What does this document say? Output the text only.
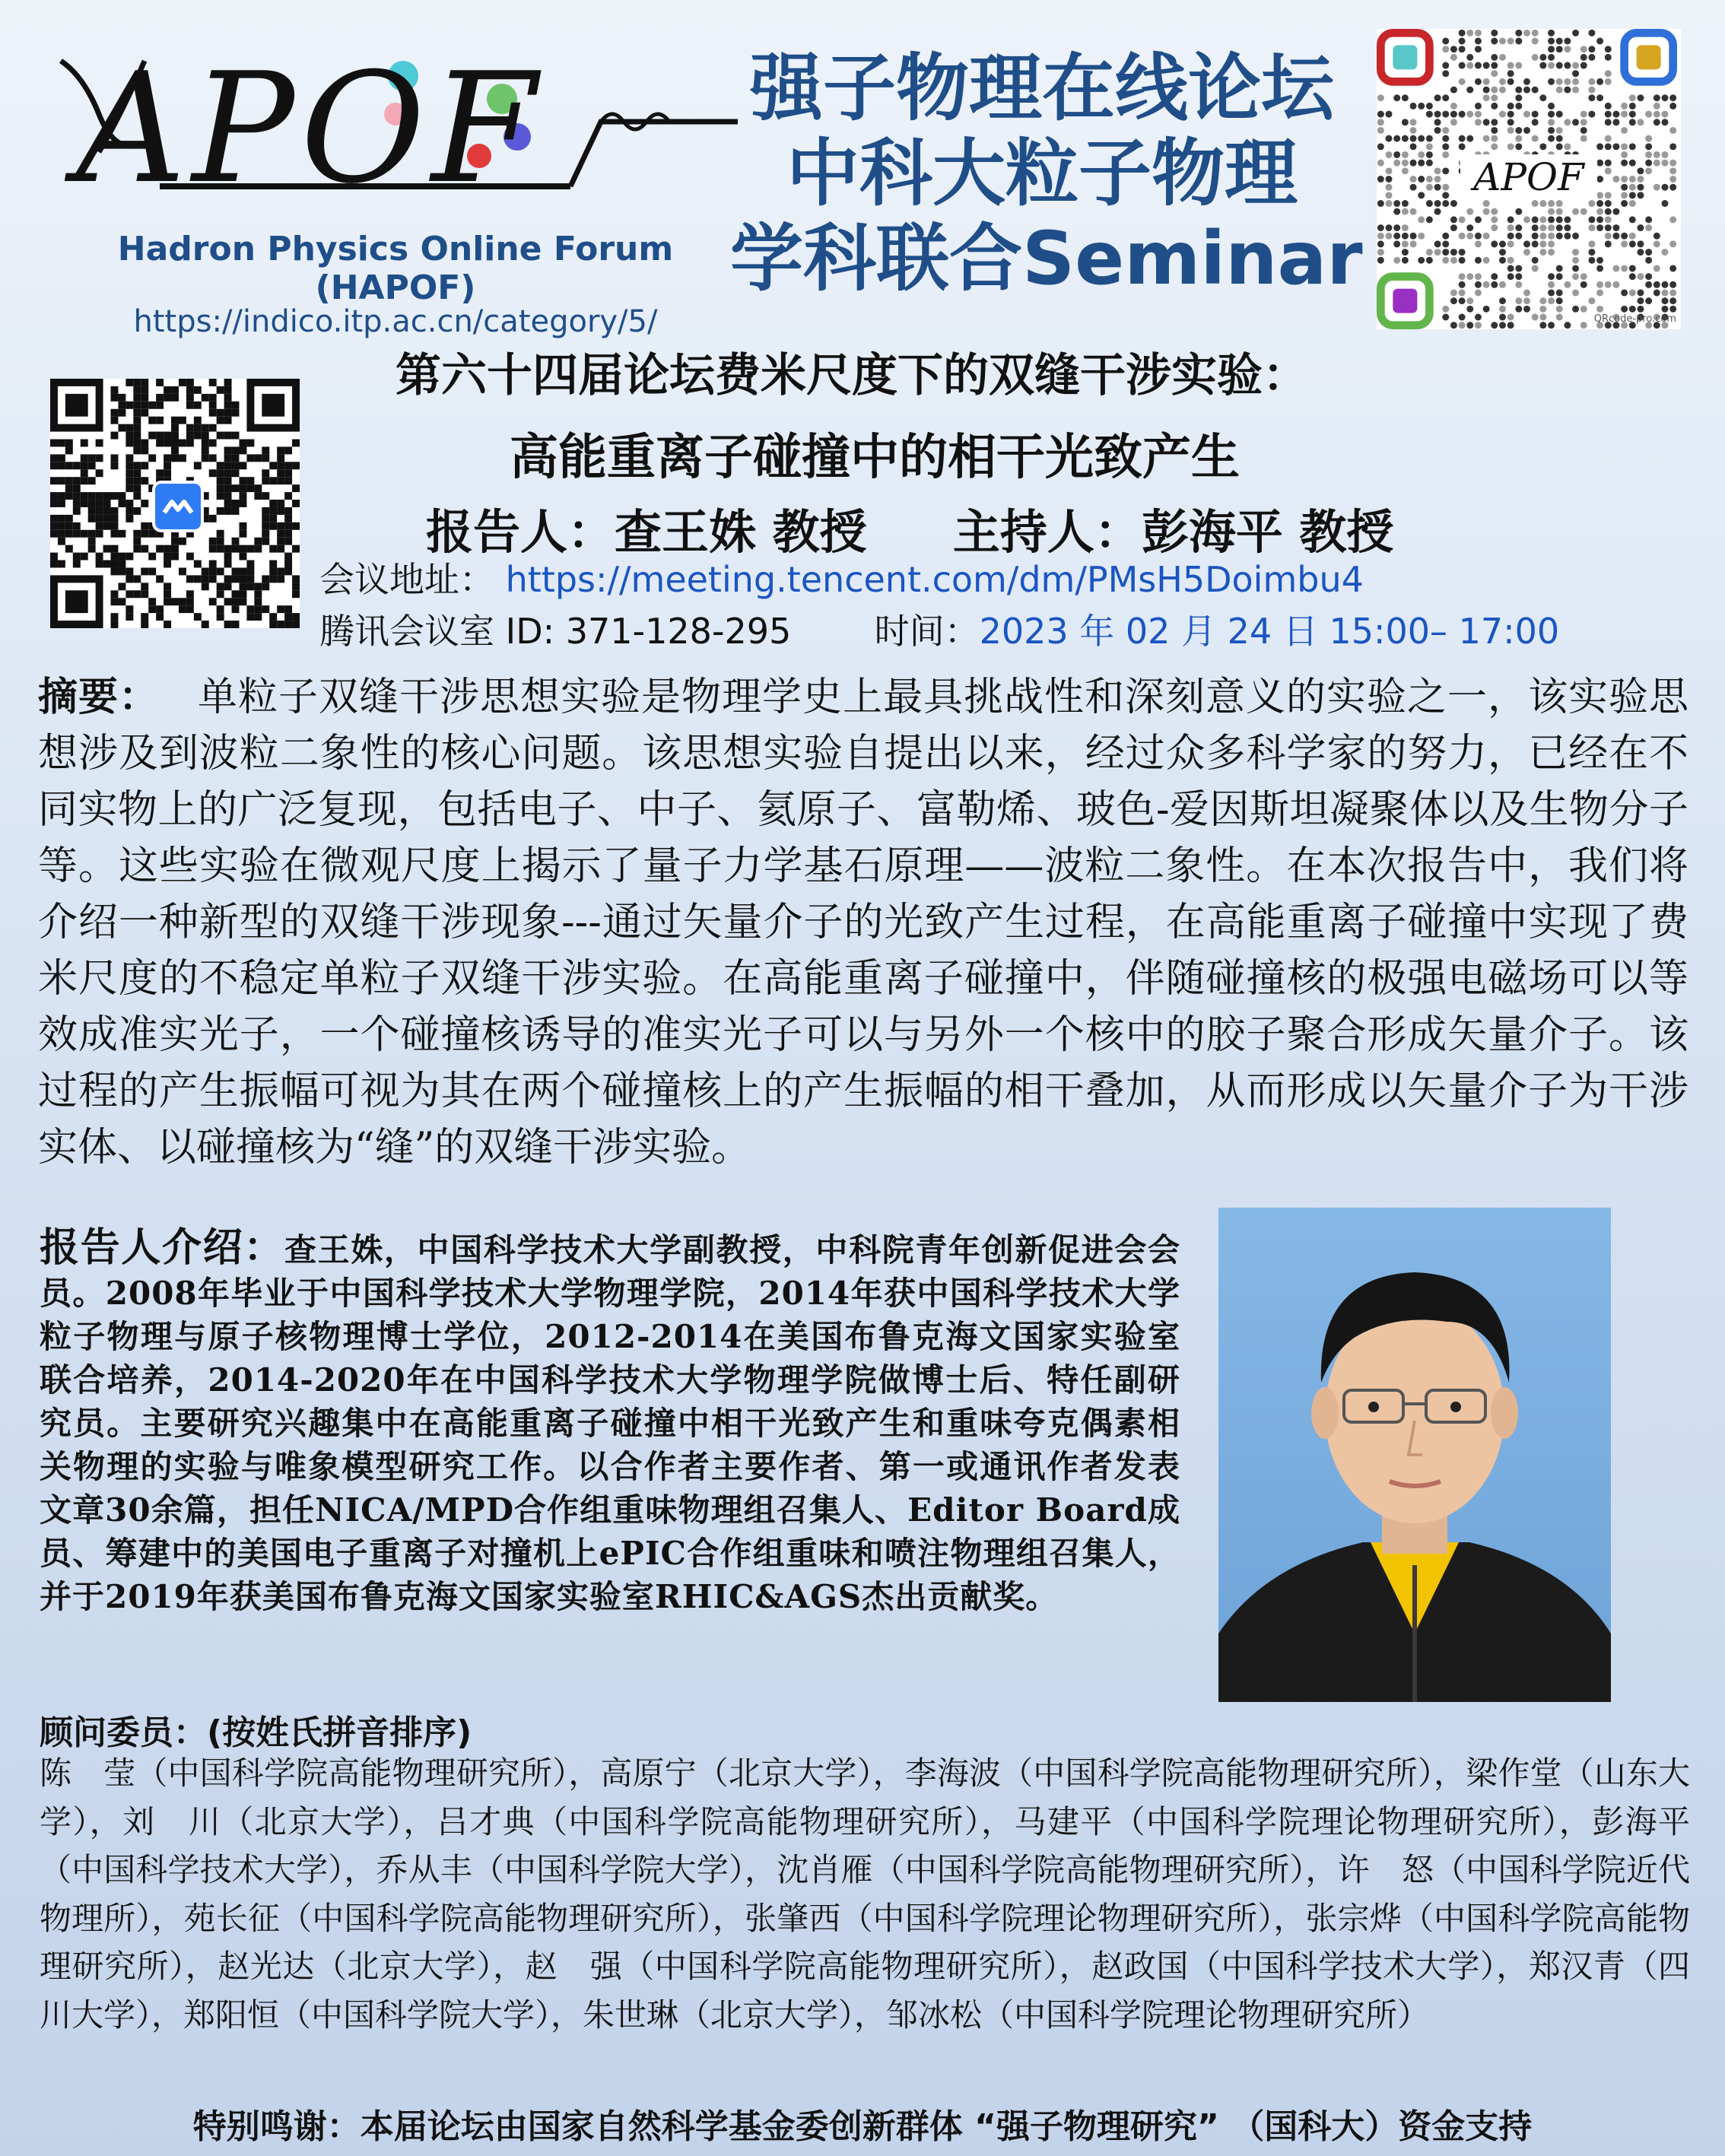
APOF
Hadron Physics Online Forum (HAPOF)
https://indico.itp.ac.cn/category/5/
强子物理在线论坛
中科大粒子物理
学科联合Seminar
APOF
QRcode-pro.com
第六十四届论坛费米尺度下的双缝干涉实验：
高能重离子碰撞中的相干光致产生
报告人：查王姝 教授 主持人：彭海平 教授
会议地址： https://meeting.tencent.com/dm/PMsH5Doimbu4
腾讯会议室 ID: 371-128-295 时间：2023 年 02 月 24 日 15:00– 17:00
摘要： 单粒子双缝干涉思想实验是物理学史上最具挑战性和深刻意义的实验之一，该实验思想涉及到波粒二象性的核心问题。该思想实验自提出以来，经过众多科学家的努力，已经在不同实物上的广泛复现，包括电子、中子、氦原子、富勒烯、玻色-爱因斯坦凝聚体以及生物分子等。这些实验在微观尺度上揭示了量子力学基石原理——波粒二象性。在本次报告中，我们将介绍一种新型的双缝干涉现象---通过矢量介子的光致产生过程，在高能重离子碰撞中实现了费米尺度的不稳定单粒子双缝干涉实验。在高能重离子碰撞中，伴随碰撞核的极强电磁场可以等效成准实光子，一个碰撞核诱导的准实光子可以与另外一个核中的胶子聚合形成矢量介子。该过程的产生振幅可视为其在两个碰撞核上的产生振幅的相干叠加，从而形成以矢量介子为干涉实体、以碰撞核为“缝”的双缝干涉实验。
报告人介绍：查王姝，中国科学技术大学副教授，中科院青年创新促进会会员。2008年毕业于中国科学技术大学物理学院，2014年获中国科学技术大学粒子物理与原子核物理博士学位，2012-2014在美国布鲁克海文国家实验室联合培养，2014-2020年在中国科学技术大学物理学院做博士后、特任副研究员。主要研究兴趣集中在高能重离子碰撞中相干光致产生和重味夸克偶素相关物理的实验与唯象模型研究工作。以合作者主要作者、第一或通讯作者发表文章30余篇，担任NICA/MPD合作组重味物理组召集人、Editor Board成员、筹建中的美国电子重离子对撞机上ePIC合作组重味和喷注物理组召集人，并于2019年获美国布鲁克海文国家实验室RHIC&AGS杰出贡献奖。
顾问委员：(按姓氏拼音排序)
陈　莹（中国科学院高能物理研究所），高原宁（北京大学），李海波（中国科学院高能物理研究所），梁作堂（山东大学），刘　川（北京大学），吕才典（中国科学院高能物理研究所），马建平（中国科学院理论物理研究所），彭海平（中国科学技术大学），乔从丰（中国科学院大学），沈肖雁（中国科学院高能物理研究所），许　怒（中国科学院近代物理所），苑长征（中国科学院高能物理研究所），张肇西（中国科学院理论物理研究所），张宗烨（中国科学院高能物理研究所），赵光达（北京大学），赵　强（中国科学院高能物理研究所），赵政国（中国科学技术大学），郑汉青（四川大学），郑阳恒（中国科学院大学），朱世琳（北京大学），邹冰松（中国科学院理论物理研究所）
特别鸣谢：本届论坛由国家自然科学基金委创新群体 “强子物理研究” （国科大）资金支持
